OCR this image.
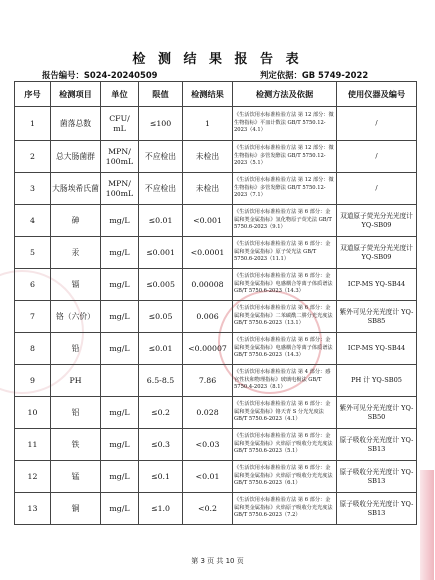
检 测 结 果 报 告 表
报告编号：S024-20240509	判定依据：GB 5749-2022
序号	检测项目	单位	限值	检测结果	检测方法及依据	使用仪器及编号
1	菌落总数	CFU/ mL	≤100	1	《生活饮用水标准检验方法 第 12 部分：微生物指标》平皿计数法 GB/T 5750.12-2023（4.1）	/
2	总大肠菌群	MPN/ 100mL	不应检出	未检出	《生活饮用水标准检验方法 第 12 部分：微生物指标》多管发酵法 GB/T 5750.12-2023（5.1）	/
3	大肠埃希氏菌	MPN/ 100mL	不应检出	未检出	《生活饮用水标准检验方法 第 12 部分：微生物指标》多管发酵法 GB/T 5750.12-2023（7.1）	/
4	砷	mg/L	≤0.01	<0.001	《生活饮用水标准检验方法 第 6 部分：金属和类金属指标》氢化物原子荧光法 GB/T 5750.6-2023（9.1）	双道原子荧光分光光度计 YQ-SB09
5	汞	mg/L	≤0.001	<0.0001	《生活饮用水标准检验方法 第 6 部分：金属和类金属指标》原子荧光法 GB/T 5750.6-2023（11.1）	双道原子荧光分光光度计 YQ-SB09
6	镉	mg/L	≤0.005	0.00008	《生活饮用水标准检验方法 第 6 部分：金属和类金属指标》电感耦合等离子体质谱法 GB/T 5750.6-2023（14.3）	ICP-MS YQ-SB44
7	铬（六价）	mg/L	≤0.05	0.006	《生活饮用水标准检验方法 第 6 部分：金属和类金属指标》二苯碳酰二肼分光光度法 GB/T 5750.6-2023（13.1）	紫外可见分光光度计 YQ-SB85
8	铅	mg/L	≤0.01	<0.00007	《生活饮用水标准检验方法 第 6 部分：金属和类金属指标》电感耦合等离子体质谱法 GB/T 5750.6-2023（14.3）	ICP-MS YQ-SB44
9	PH		6.5-8.5	7.86	《生活饮用水标准检验方法 第 4 部分：感官性状和物理指标》玻璃电极法 GB/T 5750.4-2023（8.1）	PH 计 YQ-SB05
10	铝	mg/L	≤0.2	0.028	《生活饮用水标准检验方法 第 6 部分：金属和类金属指标》铬天青 S 分光光度法 GB/T 5750.6-2023（4.1）	紫外可见分光光度计 YQ-SB50
11	铁	mg/L	≤0.3	<0.03	《生活饮用水标准检验方法 第 6 部分：金属和类金属指标》火焰原子吸收分光光度法 GB/T 5750.6-2023（5.1）	原子吸收分光光度计 YQ-SB13
12	锰	mg/L	≤0.1	<0.01	《生活饮用水标准检验方法 第 6 部分：金属和类金属指标》火焰原子吸收分光光度法 GB/T 5750.6-2023（6.1）	原子吸收分光光度计 YQ-SB13
13	铜	mg/L	≤1.0	<0.2	《生活饮用水标准检验方法 第 6 部分：金属和类金属指标》火焰原子吸收分光光度法 GB/T 5750.6-2023（7.2）	原子吸收分光光度计 YQ-SB13
第 3 页 共 10 页
